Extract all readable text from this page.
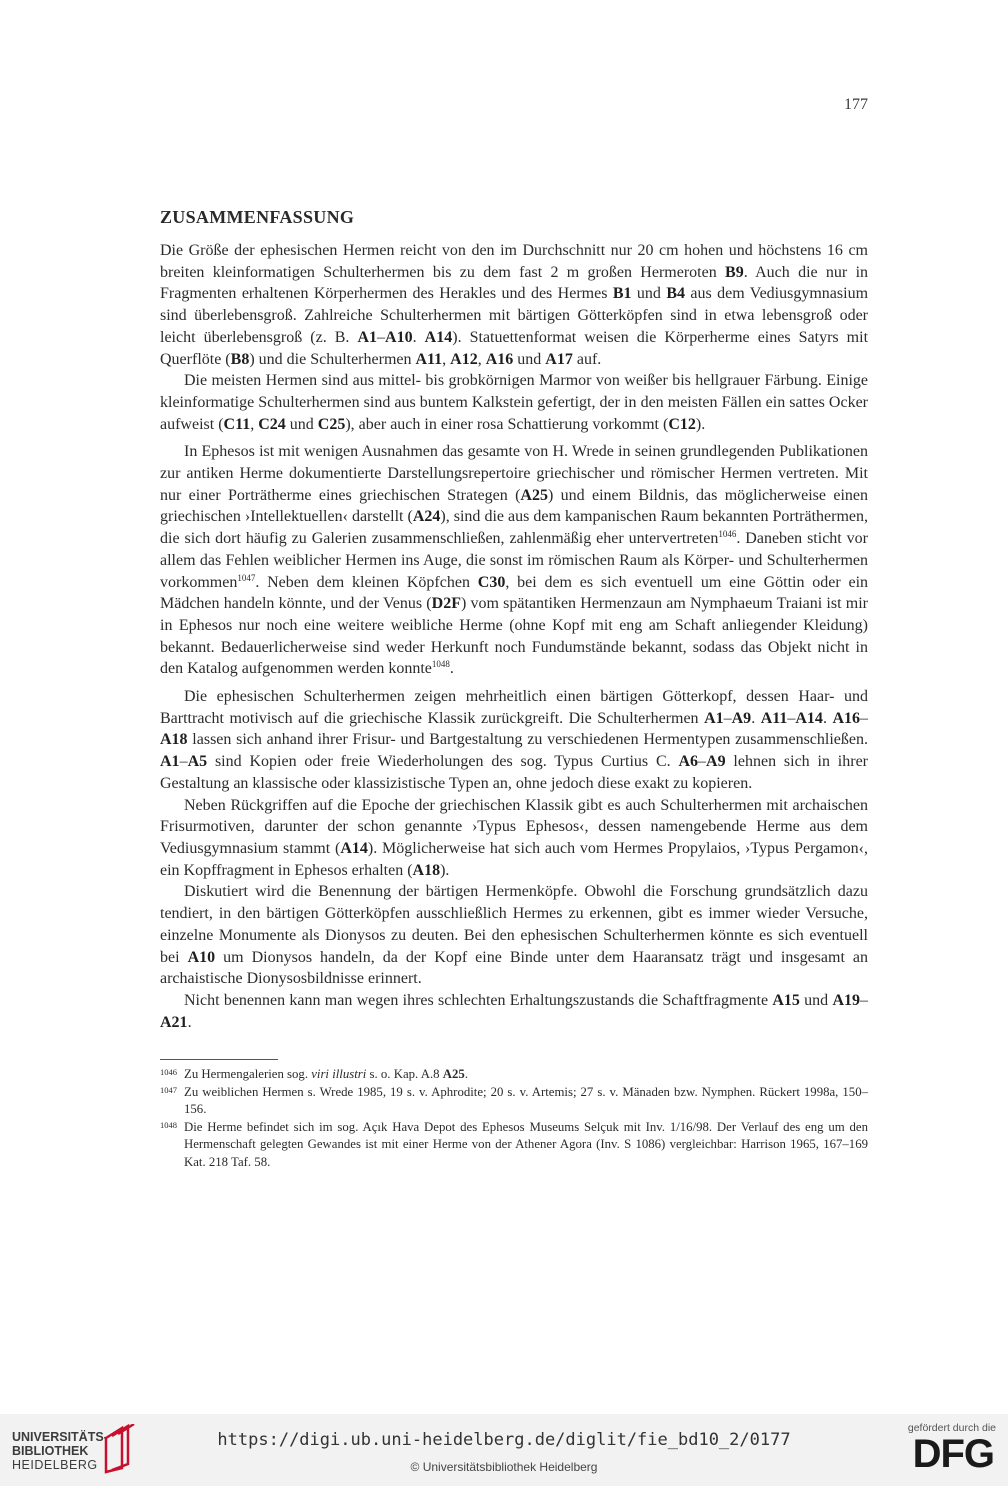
177
ZUSAMMENFASSUNG

Die Größe der ephesischen Hermen reicht von den im Durchschnitt nur 20 cm hohen und höchstens 16 cm breiten kleinformatigen Schulterhermen bis zu dem fast 2 m großen Hermeroten B9. Auch die nur in Fragmenten erhaltenen Körperhermen des Herakles und des Hermes B1 und B4 aus dem Vediusgymnasium sind überlebensgroß. Zahlreiche Schulterhermen mit bärtigen Götterköpfen sind in etwa lebensgroß oder leicht überlebensgroß (z. B. A1–A10. A14). Statuettenformat weisen die Körperherme eines Satyrs mit Querflöte (B8) und die Schulterhermen A11, A12, A16 und A17 auf.

Die meisten Hermen sind aus mittel- bis grobkörnigen Marmor von weißer bis hellgrauer Färbung. Einige kleinformatige Schulterhermen sind aus buntem Kalkstein gefertigt, der in den meisten Fällen ein sattes Ocker aufweist (C11, C24 und C25), aber auch in einer rosa Schattierung vorkommt (C12).

In Ephesos ist mit wenigen Ausnahmen das gesamte von H. Wrede in seinen grundlegenden Publikationen zur antiken Herme dokumentierte Darstellungsrepertoire griechischer und römischer Hermen vertreten. Mit nur einer Porträtherme eines griechischen Strategen (A25) und einem Bildnis, das möglicherweise einen griechischen ›Intellektuellen‹ darstellt (A24), sind die aus dem kampanischen Raum bekannten Porträthermen, die sich dort häufig zu Galerien zusammenschließen, zahlenmäßig eher untervertreten$^{1046}$. Daneben sticht vor allem das Fehlen weiblicher Hermen ins Auge, die sonst im römischen Raum als Körper- und Schulterhermen vorkommen$^{1047}$. Neben dem kleinen Köpfchen C30, bei dem es sich eventuell um eine Göttin oder ein Mädchen handeln könnte, und der Venus (D2F) vom spätantiken Hermenzaun am Nymphaeum Traiani ist mir in Ephesos nur noch eine weitere weibliche Herme (ohne Kopf mit eng am Schaft anliegender Kleidung) bekannt. Bedauerlicherweise sind weder Herkunft noch Fundumstände bekannt, sodass das Objekt nicht in den Katalog aufgenommen werden konnte$^{1048}$.

Die ephesischen Schulterhermen zeigen mehrheitlich einen bärtigen Götterkopf, dessen Haar- und Barttracht motivisch auf die griechische Klassik zurückgreift. Die Schulterhermen A1–A9. A11–A14. A16–A18 lassen sich anhand ihrer Frisur- und Bartgestaltung zu verschiedenen Hermentypen zusammenschließen. A1–A5 sind Kopien oder freie Wiederholungen des sog. Typus Curtius C. A6–A9 lehnen sich in ihrer Gestaltung an klassische oder klassizistische Typen an, ohne jedoch diese exakt zu kopieren.

Neben Rückgriffen auf die Epoche der griechischen Klassik gibt es auch Schulterhermen mit archaischen Frisurmotiven, darunter der schon genannte ›Typus Ephesos‹, dessen namengebende Herme aus dem Vediusgymnasium stammt (A14). Möglicherweise hat sich auch vom Hermes Propylaios, ›Typus Pergamon‹, ein Kopffragment in Ephesos erhalten (A18).

Diskutiert wird die Benennung der bärtigen Hermenköpfe. Obwohl die Forschung grundsätzlich dazu tendiert, in den bärtigen Götterköpfen ausschließlich Hermes zu erkennen, gibt es immer wieder Versuche, einzelne Monumente als Dionysos zu deuten. Bei den ephesischen Schulterhermen könnte es sich eventuell bei A10 um Dionysos handeln, da der Kopf eine Binde unter dem Haaransatz trägt und insgesamt an archaistische Dionysosbildnisse erinnert.

Nicht benennen kann man wegen ihres schlechten Erhaltungszustands die Schaftfragmente A15 und A19–A21.

1046 Zu Hermengalerien sog. viri illustri s. o. Kap. A.8 A25.

1047 Zu weiblichen Hermen s. Wrede 1985, 19 s. v. Aphrodite; 20 s. v. Artemis; 27 s. v. Mänaden bzw. Nymphen. Rückert 1998a, 150–156.

1048 Die Herme befindet sich im sog. Açık Hava Depot des Ephesos Museums Selçuk mit Inv. 1/16/98. Der Verlauf des eng um den Hermenschaft gelegten Gewandes ist mit einer Herme von der Athener Agora (Inv. S 1086) vergleichbar: Harrison 1965, 167–169 Kat. 218 Taf. 58.

UNIVERSITÄTS-
BIBLIOTHEK
HEIDELBERG
https://digi.ub.uni-heidelberg.de/diglit/fie_bd10_2/0177
© Universitätsbibliothek Heidelberg
gefördert durch die
DFG
